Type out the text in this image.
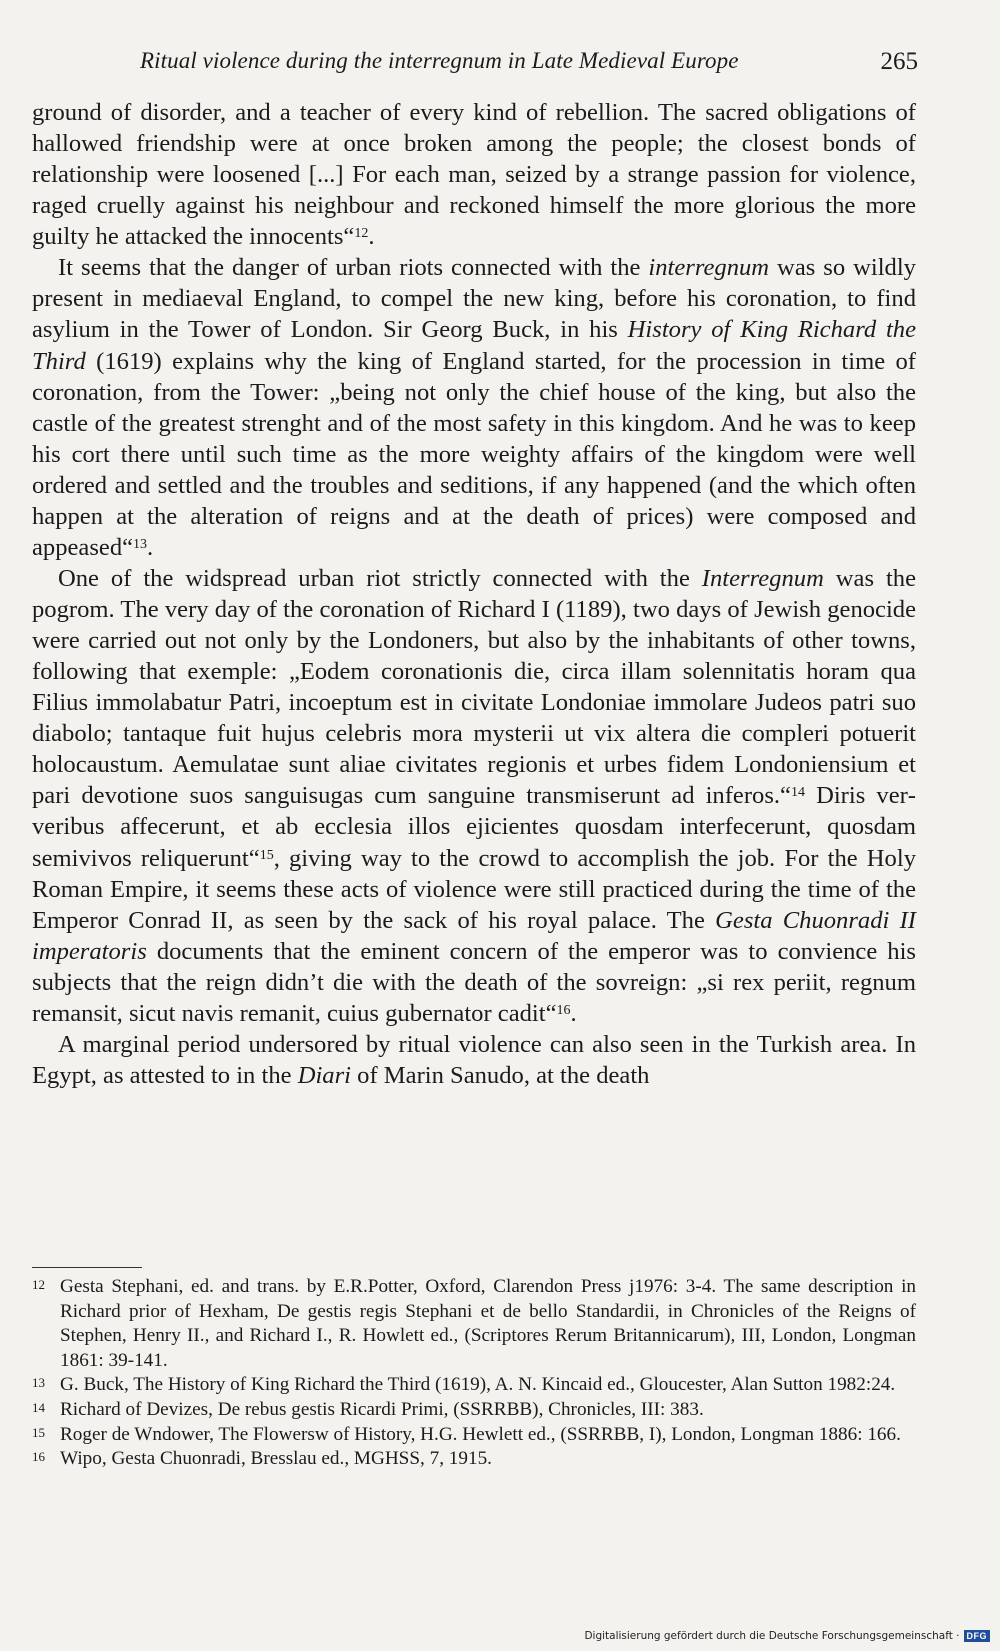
Ritual violence during the interregnum in Late Medieval Europe	265

ground of disorder, and a teacher of every kind of rebellion. The sacred obligations of hallowed friendship were at once broken among the people; the closest bonds of relationship were loosened [...] For each man, seized by a strange passion for violence, raged cruelly against his neighbour and reckoned himself the more glorious the more guilty he attacked the innocents“$^{12}$.

It seems that the danger of urban riots connected with the interregnum was so wildly present in mediaeval England, to compel the new king, before his coronation, to find asylium in the Tower of London. Sir Georg Buck, in his History of King Richard the Third (1619) explains why the king of England started, for the procession in time of coronation, from the Tower: „being not only the chief house of the king, but also the castle of the greatest strenght and of the most safety in this kingdom. And he was to keep his cort there until such time as the more weighty affairs of the kingdom were well ordered and settled and the troubles and seditions, if any happened (and the which often happen at the alteration of reigns and at the death of prices) were composed and appeased“$^{13}$.

One of the widspread urban riot strictly connected with the Interregnum was the pogrom. The very day of the coronation of Richard I (1189), two days of Jewish genocide were carried out not only by the Londoners, but also by the inhabitants of other towns, following that exemple: „Eodem coronationis die, circa illam solennitatis horam qua Filius immolabatur Patri, incoeptum est in civitate Londoniae immolare Judeos patri suo diabolo; tantaque fuit hujus celebris mora mysterii ut vix altera die compleri potuerit holocaustum. Aemulatae sunt aliae civitates regionis et urbes fidem Londoniensium et pari devotione suos sanguisugas cum sanguine transmiserunt ad inferos.“$^{14}$ Diris ververibus affecerunt, et ab ecclesia illos ejicientes quosdam interfecerunt, quosdam semivivos reliquerunt“$^{15}$, giving way to the crowd to accomplish the job. For the Holy Roman Empire, it seems these acts of violence were still practiced during the time of the Emperor Conrad II, as seen by the sack of his royal palace. The Gesta Chuonradi II imperatoris documents that the eminent concern of the emperor was to convience his subjects that the reign didn’t die with the death of the sovreign: „si rex periit, regnum remansit, sicut navis remanit, cuius gubernator cadit“$^{16}$.

A marginal period undersored by ritual violence can also seen in the Turkish area. In Egypt, as attested to in the Diari of Marin Sanudo, at the death

12 Gesta Stephani, ed. and trans. by E.R.Potter, Oxford, Clarendon Press j1976: 3-4. The same description in Richard prior of Hexham, De gestis regis Stephani et de bello Standardii, in Chronicles of the Reigns of Stephen, Henry II., and Richard I., R. Howlett ed., (Scriptores Rerum Britannicarum), III, London, Longman 1861: 39-141.

13 G. Buck, The History of King Richard the Third (1619), A. N. Kincaid ed., Gloucester, Alan Sutton 1982:24.

14 Richard of Devizes, De rebus gestis Ricardi Primi, (SSRRBB), Chronicles, III: 383.

15 Roger de Wndower, The Flowersw of History, H.G. Hewlett ed., (SSRRBB, I), London, Longman 1886: 166.

16 Wipo, Gesta Chuonradi, Bresslau ed., MGHSS, 7, 1915.

Digitalisierung gefördert durch die Deutsche Forschungsgemeinschaft · DFG
